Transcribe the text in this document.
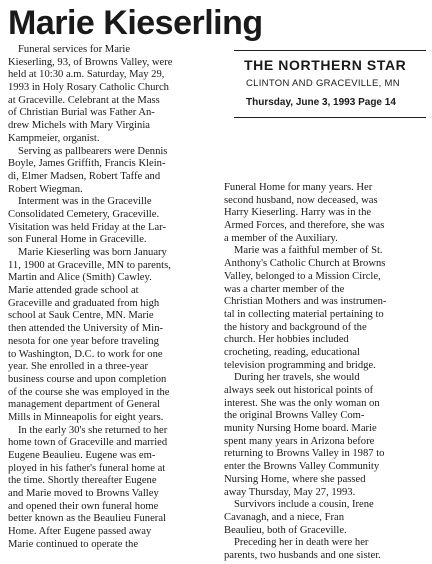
Marie Kieserling
THE NORTHERN STAR
CLINTON AND GRACEVILLE, MN
Thursday, June 3, 1993 Page 14
Funeral services for Marie
Kieserling, 93, of Browns Valley, were
held at 10:30 a.m. Saturday, May 29,
1993 in Holy Rosary Catholic Church
at Graceville. Celebrant at the Mass
of Christian Burial was Father An-
drew Michels with Mary Virginia
Kampmeier, organist.
Serving as pallbearers were Dennis
Boyle, James Griffith, Francis Klein-
di, Elmer Madsen, Robert Taffe and
Robert Wiegman.
Interment was in the Graceville
Consolidated Cemetery, Graceville.
Visitation was held Friday at the Lar-
son Funeral Home in Graceville.
Marie Kieserling was born January
11, 1900 at Graceville, MN to parents,
Martin and Alice (Smith) Cawley.
Marie attended grade school at
Graceville and graduated from high
school at Sauk Centre, MN. Marie
then attended the University of Min-
nesota for one year before traveling
to Washington, D.C. to work for one
year. She enrolled in a three-year
business course and upon completion
of the course she was employed in the
management department of General
Mills in Minneapolis for eight years.
In the early 30's she returned to her
home town of Graceville and married
Eugene Beaulieu. Eugene was em-
ployed in his father's funeral home at
the time. Shortly thereafter Eugene
and Marie moved to Browns Valley
and opened their own funeral home
better known as the Beaulieu Funeral
Home. After Eugene passed away
Marie continued to operate the
Funeral Home for many years. Her
second husband, now deceased, was
Harry Kieserling. Harry was in the
Armed Forces, and therefore, she was
a member of the Auxiliary.
Marie was a faithful member of St.
Anthony's Catholic Church at Browns
Valley, belonged to a Mission Circle,
was a charter member of the
Christian Mothers and was instrumen-
tal in collecting material pertaining to
the history and background of the
church. Her hobbies included
crocheting, reading, educational
television programming and bridge.
During her travels, she would
always seek out historical points of
interest. She was the only woman on
the original Browns Valley Com-
munity Nursing Home board. Marie
spent many years in Arizona before
returning to Browns Valley in 1987 to
enter the Browns Valley Community
Nursing Home, where she passed
away Thursday, May 27, 1993.
Survivors include a cousin, Irene
Cavanagh, and a niece, Fran
Beaulieu, both of Graceville.
Preceding her in death were her
parents, two husbands and one sister.
